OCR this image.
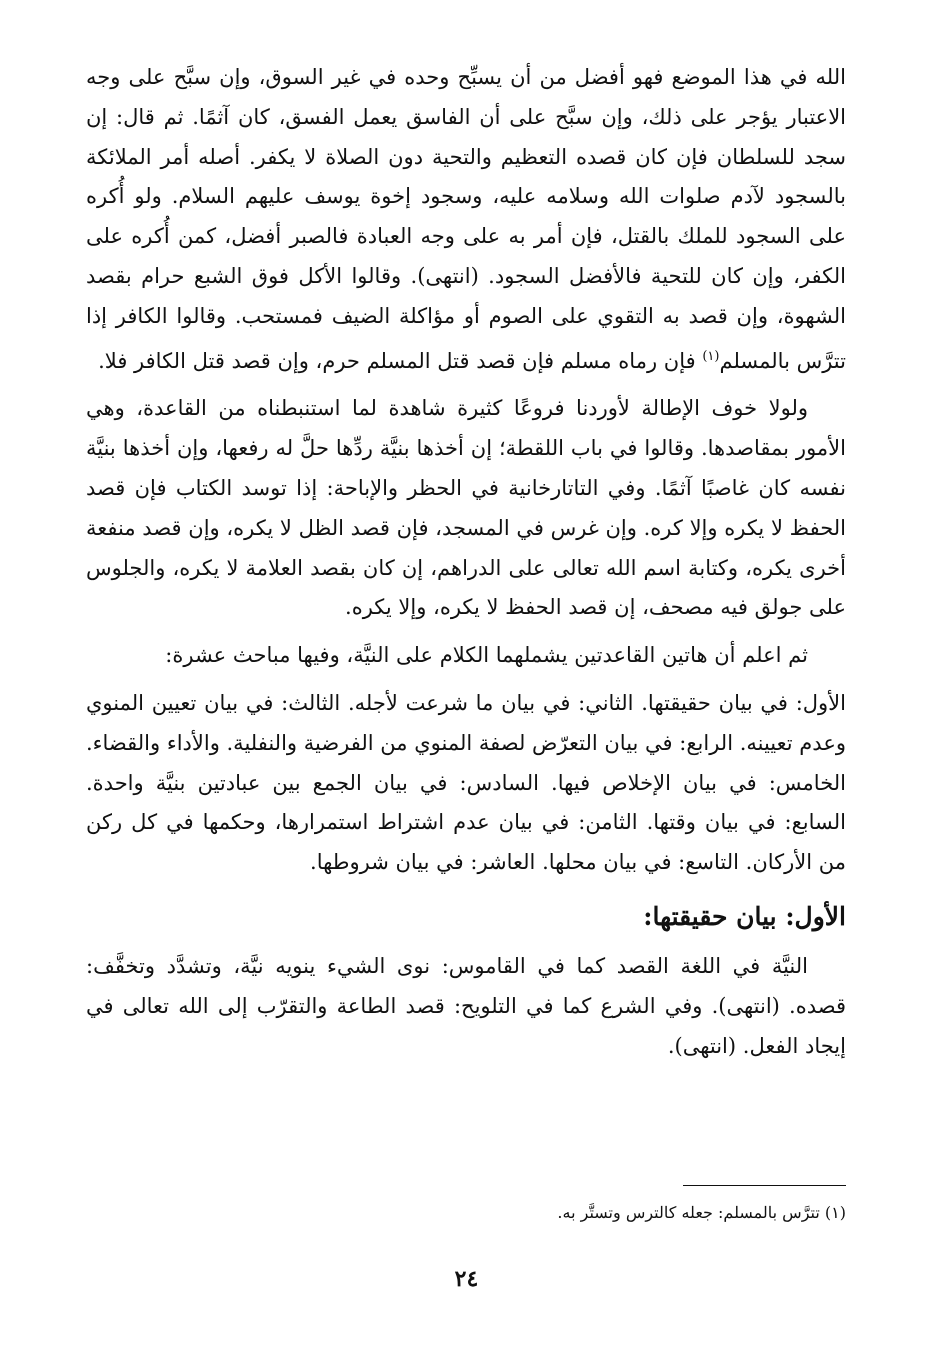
الله في هذا الموضع فهو أفضل من أن يسبِّح وحده في غير السوق، وإن سبَّح على وجه الاعتبار يؤجر على ذلك، وإن سبَّح على أن الفاسق يعمل الفسق، كان آثمًا. ثم قال: إن سجد للسلطان فإن كان قصده التعظيم والتحية دون الصلاة لا يكفر. أصله أمر الملائكة بالسجود لآدم صلوات الله وسلامه عليه، وسجود إخوة يوسف عليهم السلام. ولو أُكره على السجود للملك بالقتل، فإن أمر به على وجه العبادة فالصبر أفضل، كمن أُكره على الكفر، وإن كان للتحية فالأفضل السجود. (انتهى). وقالوا الأكل فوق الشبع حرام بقصد الشهوة، وإن قصد به التقوي على الصوم أو مؤاكلة الضيف فمستحب. وقالوا الكافر إذا تترَّس بالمسلم$^{(١)}$ فإن رماه مسلم فإن قصد قتل المسلم حرم، وإن قصد قتل الكافر فلا.

ولولا خوف الإطالة لأوردنا فروعًا كثيرة شاهدة لما استنبطناه من القاعدة، وهي الأمور بمقاصدها. وقالوا في باب اللقطة؛ إن أخذها بنيَّة ردِّها حلَّ له رفعها، وإن أخذها بنيَّة نفسه كان غاصبًا آثمًا. وفي التاتارخانية في الحظر والإباحة: إذا توسد الكتاب فإن قصد الحفظ لا يكره وإلا كره. وإن غرس في المسجد، فإن قصد الظل لا يكره، وإن قصد منفعة أخرى يكره، وكتابة اسم الله تعالى على الدراهم، إن كان بقصد العلامة لا يكره، والجلوس على جولق فيه مصحف، إن قصد الحفظ لا يكره، وإلا يكره.

ثم اعلم أن هاتين القاعدتين يشملهما الكلام على النيَّة، وفيها مباحث عشرة:

الأول: في بيان حقيقتها. الثاني: في بيان ما شرعت لأجله. الثالث: في بيان تعيين المنوي وعدم تعيينه. الرابع: في بيان التعرّض لصفة المنوي من الفرضية والنفلية. والأداء والقضاء. الخامس: في بيان الإخلاص فيها. السادس: في بيان الجمع بين عبادتين بنيَّة واحدة. السابع: في بيان وقتها. الثامن: في بيان عدم اشتراط استمرارها، وحكمها في كل ركن من الأركان. التاسع: في بيان محلها. العاشر: في بيان شروطها.

الأول: بيان حقيقتها:

النيَّة في اللغة القصد كما في القاموس: نوى الشيء ينويه نيَّة، وتشدَّد وتخفَّف: قصده. (انتهى). وفي الشرع كما في التلويح: قصد الطاعة والتقرّب إلى الله تعالى في إيجاد الفعل. (انتهى).

(١) تترَّس بالمسلم: جعله كالترس وتستَّر به.
٢٤
